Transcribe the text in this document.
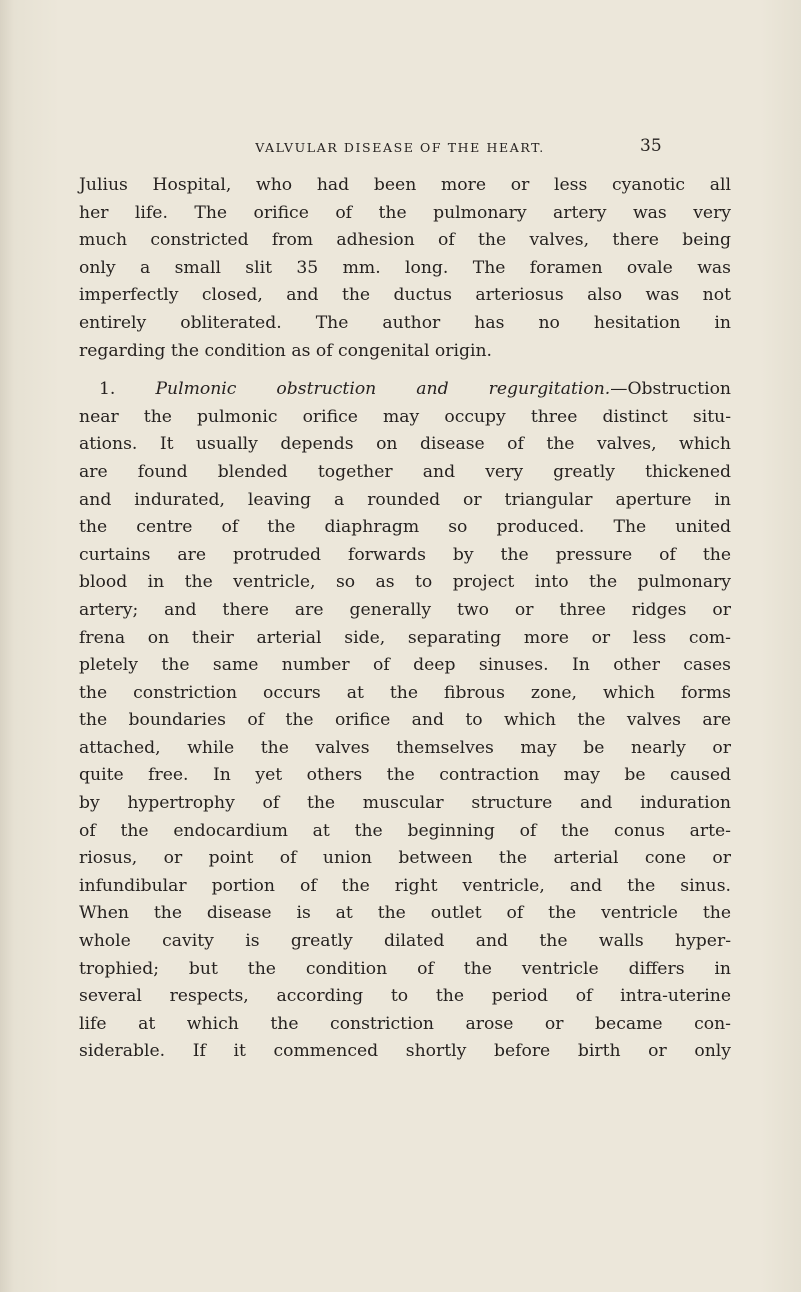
VALVULAR DISEASE OF THE HEART.	35
Julius Hospital, who had been more or less cyanotic all
her life. The orifice of the pulmonary artery was very
much constricted from adhesion of the valves, there being
only a small slit 35 mm. long. The foramen ovale was
imperfectly closed, and the ductus arteriosus also was not
entirely obliterated. The author has no hesitation in
regarding the condition as of congenital origin.
1. Pulmonic obstruction and regurgitation.—Obstruction
near the pulmonic orifice may occupy three distinct situ-
ations. It usually depends on disease of the valves, which
are found blended together and very greatly thickened
and indurated, leaving a rounded or triangular aperture in
the centre of the diaphragm so produced. The united
curtains are protruded forwards by the pressure of the
blood in the ventricle, so as to project into the pulmonary
artery; and there are generally two or three ridges or
frena on their arterial side, separating more or less com-
pletely the same number of deep sinuses. In other cases
the constriction occurs at the fibrous zone, which forms
the boundaries of the orifice and to which the valves are
attached, while the valves themselves may be nearly or
quite free. In yet others the contraction may be caused
by hypertrophy of the muscular structure and induration
of the endocardium at the beginning of the conus arte-
riosus, or point of union between the arterial cone or
infundibular portion of the right ventricle, and the sinus.
When the disease is at the outlet of the ventricle the
whole cavity is greatly dilated and the walls hyper-
trophied; but the condition of the ventricle differs in
several respects, according to the period of intra-uterine
life at which the constriction arose or became con-
siderable. If it commenced shortly before birth or only
